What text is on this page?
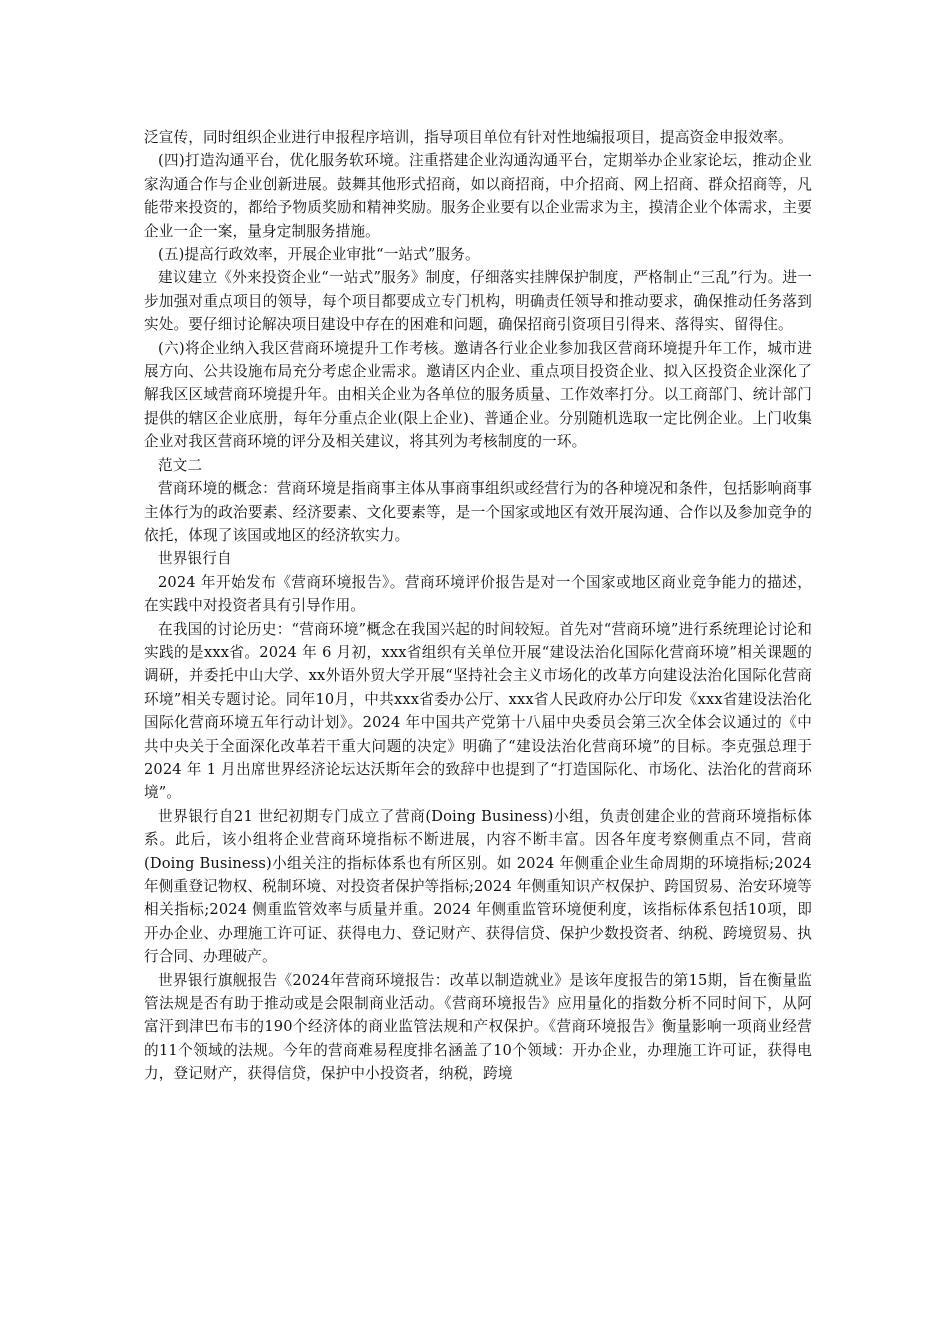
泛宣传，同时组织企业进行申报程序培训，指导项目单位有针对性地编报项目，提高资金申报效率。

(四)打造沟通平台，优化服务软环境。注重搭建企业沟通沟通平台，定期举办企业家论坛，推动企业家沟通合作与企业创新进展。鼓舞其他形式招商，如以商招商，中介招商、网上招商、群众招商等，凡能带来投资的，都给予物质奖励和精神奖励。服务企业要有以企业需求为主，摸清企业个体需求，主要企业一企一案，量身定制服务措施。

(五)提高行政效率，开展企业审批“一站式”服务。

建议建立《外来投资企业“一站式”服务》制度，仔细落实挂牌保护制度，严格制止“三乱”行为。进一步加强对重点项目的领导，每个项目都要成立专门机构，明确责任领导和推动要求，确保推动任务落到实处。要仔细讨论解决项目建设中存在的困难和问题，确保招商引资项目引得来、落得实、留得住。

(六)将企业纳入我区营商环境提升工作考核。邀请各行业企业参加我区营商环境提升年工作，城市进展方向、公共设施布局充分考虑企业需求。邀请区内企业、重点项目投资企业、拟入区投资企业深化了解我区区域营商环境提升年。由相关企业为各单位的服务质量、工作效率打分。以工商部门、统计部门提供的辖区企业底册，每年分重点企业(限上企业)、普通企业。分别随机选取一定比例企业。上门收集企业对我区营商环境的评分及相关建议，将其列为考核制度的一环。

范文二

营商环境的概念：营商环境是指商事主体从事商事组织或经营行为的各种境况和条件，包括影响商事主体行为的政治要素、经济要素、文化要素等，是一个国家或地区有效开展沟通、合作以及参加竞争的依托，体现了该国或地区的经济软实力。

世界银行自

2024 年开始发布《营商环境报告》。营商环境评价报告是对一个国家或地区商业竞争能力的描述，在实践中对投资者具有引导作用。

在我国的讨论历史：“营商环境”概念在我国兴起的时间较短。首先对“营商环境”进行系统理论讨论和实践的是xxx省。2024 年 6 月初，xxx省组织有关单位开展“建设法治化国际化营商环境”相关课题的调研，并委托中山大学、xx外语外贸大学开展“坚持社会主义市场化的改革方向建设法治化国际化营商环境”相关专题讨论。同年10月，中共xxx省委办公厅、xxx省人民政府办公厅印发《xxx省建设法治化国际化营商环境五年行动计划》。2024 年中国共产党第十八届中央委员会第三次全体会议通过的《中共中央关于全面深化改革若干重大问题的决定》明确了“建设法治化营商环境”的目标。李克强总理于 2024 年 1 月出席世界经济论坛达沃斯年会的致辞中也提到了“打造国际化、市场化、法治化的营商环境”。

世界银行自21 世纪初期专门成立了营商(Doing Business)小组，负责创建企业的营商环境指标体系。此后，该小组将企业营商环境指标不断进展，内容不断丰富。因各年度考察侧重点不同，营商(Doing Business)小组关注的指标体系也有所区别。如 2024 年侧重企业生命周期的环境指标;2024 年侧重登记物权、税制环境、对投资者保护等指标;2024 年侧重知识产权保护、跨国贸易、治安环境等相关指标;2024 侧重监管效率与质量并重。2024 年侧重监管环境便利度，该指标体系包括10项，即开办企业、办理施工许可证、获得电力、登记财产、获得信贷、保护少数投资者、纳税、跨境贸易、执行合同、办理破产。

世界银行旗舰报告《2024年营商环境报告：改革以制造就业》是该年度报告的第15期，旨在衡量监管法规是否有助于推动或是会限制商业活动。《营商环境报告》应用量化的指数分析不同时间下，从阿富汗到津巴布韦的190个经济体的商业监管法规和产权保护。《营商环境报告》衡量影响一项商业经营的11个领域的法规。今年的营商难易程度排名涵盖了10个领域：开办企业，办理施工许可证，获得电力，登记财产，获得信贷，保护中小投资者，纳税，跨境
